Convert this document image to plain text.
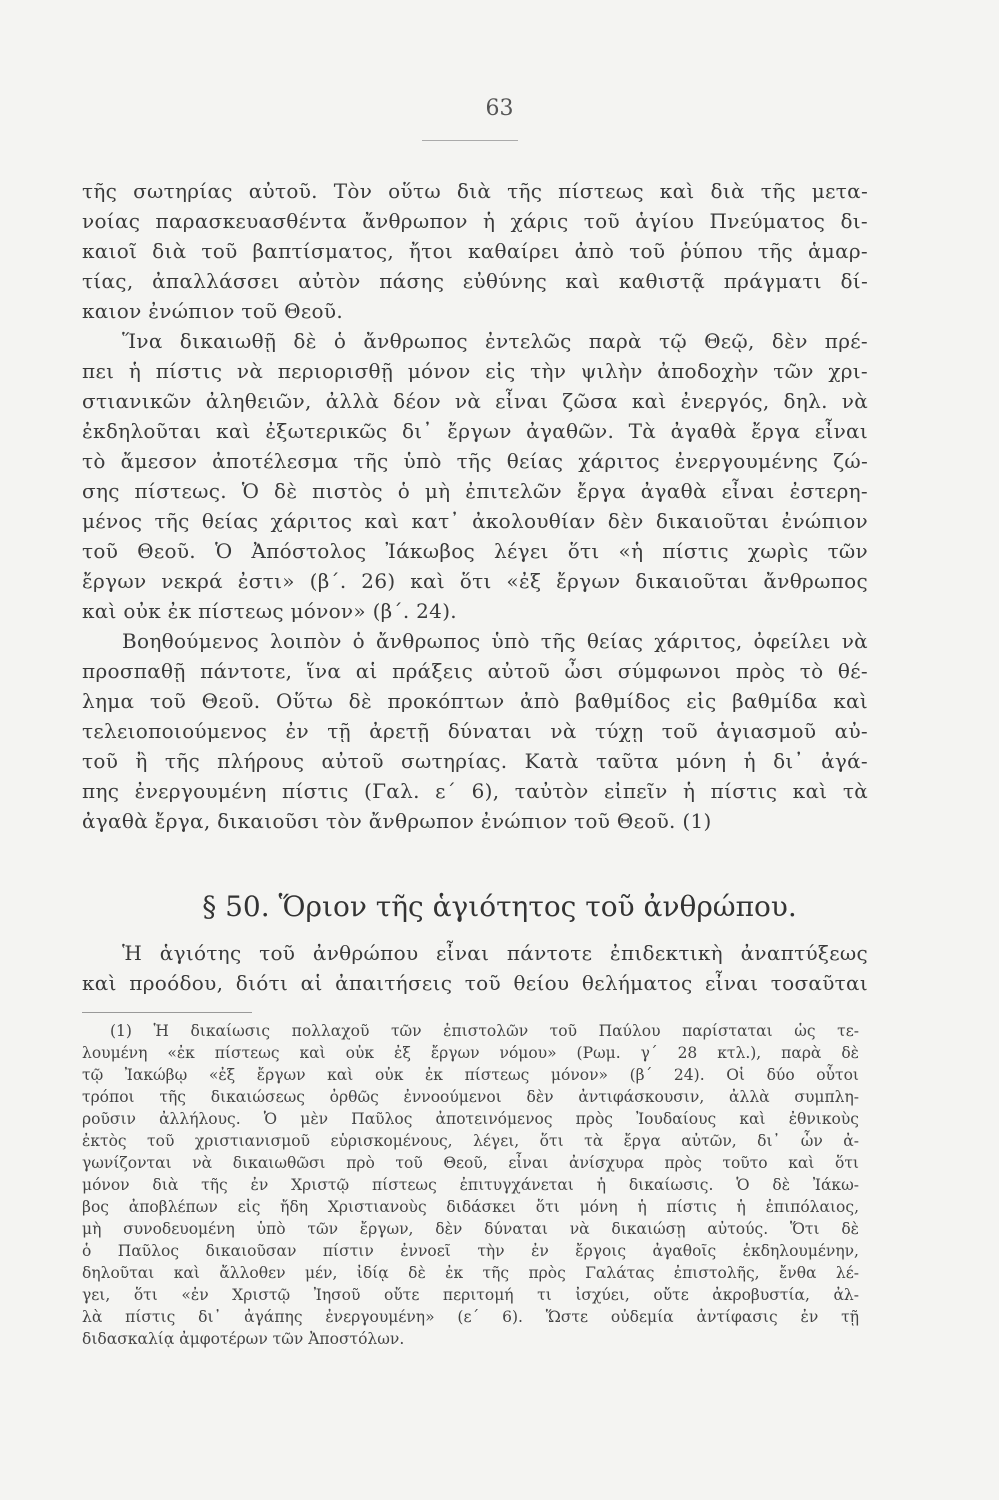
63
τῆς σωτηρίας αὐτοῦ. Τὸν οὕτω διὰ τῆς πίστεως καὶ διὰ τῆς μετα-
νοίας παρασκευασθέντα ἄνθρωπον ἡ χάρις τοῦ ἁγίου Πνεύματος δι-
καιοῖ διὰ τοῦ βαπτίσματος, ἤτοι καθαίρει ἀπὸ τοῦ ῥύπου τῆς ἁμαρ-
τίας, ἀπαλλάσσει αὐτὸν πάσης εὐθύνης καὶ καθιστᾷ πράγματι δί-
καιον ἐνώπιον τοῦ Θεοῦ.
Ἵνα δικαιωθῇ δὲ ὁ ἄνθρωπος ἐντελῶς παρὰ τῷ Θεῷ, δὲν πρέ-
πει ἡ πίστις νὰ περιορισθῇ μόνον εἰς τὴν ψιλὴν ἀποδοχὴν τῶν χρι-
στιανικῶν ἀληθειῶν, ἀλλὰ δέον νὰ εἶναι ζῶσα καὶ ἐνεργός, δηλ. νὰ
ἐκδηλοῦται καὶ ἐξωτερικῶς δι᾽ ἔργων ἀγαθῶν. Τὰ ἀγαθὰ ἔργα εἶναι
τὸ ἄμεσον ἀποτέλεσμα τῆς ὑπὸ τῆς θείας χάριτος ἐνεργουμένης ζώ-
σης πίστεως. Ὁ δὲ πιστὸς ὁ μὴ ἐπιτελῶν ἔργα ἀγαθὰ εἶναι ἐστερη-
μένος τῆς θείας χάριτος καὶ κατ᾽ ἀκολουθίαν δὲν δικαιοῦται ἐνώπιον
τοῦ Θεοῦ. Ὁ Ἀπόστολος Ἰάκωβος λέγει ὅτι «ἡ πίστις χωρὶς τῶν
ἔργων νεκρά ἐστι» (β΄. 26) καὶ ὅτι «ἐξ ἔργων δικαιοῦται ἄνθρωπος
καὶ οὐκ ἐκ πίστεως μόνον» (β΄. 24).
Βοηθούμενος λοιπὸν ὁ ἄνθρωπος ὑπὸ τῆς θείας χάριτος, ὀφείλει νὰ
προσπαθῇ πάντοτε, ἵνα αἱ πράξεις αὐτοῦ ὦσι σύμφωνοι πρὸς τὸ θέ-
λημα τοῦ Θεοῦ. Οὕτω δὲ προκόπτων ἀπὸ βαθμίδος εἰς βαθμίδα καὶ
τελειοποιούμενος ἐν τῇ ἀρετῇ δύναται νὰ τύχῃ τοῦ ἁγιασμοῦ αὐ-
τοῦ ἢ τῆς πλήρους αὐτοῦ σωτηρίας. Κατὰ ταῦτα μόνη ἡ δι᾽ ἀγά-
πης ἐνεργουμένη πίστις (Γαλ. ε΄ 6), ταὐτὸν εἰπεῖν ἡ πίστις καὶ τὰ
ἀγαθὰ ἔργα, δικαιοῦσι τὸν ἄνθρωπον ἐνώπιον τοῦ Θεοῦ. (1)
§ 50. Ὅριον τῆς ἁγιότητος τοῦ ἀνθρώπου.
Ἡ ἁγιότης τοῦ ἀνθρώπου εἶναι πάντοτε ἐπιδεκτικὴ ἀναπτύξεως
καὶ προόδου, διότι αἱ ἀπαιτήσεις τοῦ θείου θελήματος εἶναι τοσαῦται
(1) Ἡ δικαίωσις πολλαχοῦ τῶν ἐπιστολῶν τοῦ Παύλου παρίσταται ὡς τε-
λουμένη «ἐκ πίστεως καὶ οὐκ ἐξ ἔργων νόμου» (Ρωμ. γ΄ 28 κτλ.), παρὰ δὲ
τῷ Ἰακώβῳ «ἐξ ἔργων καὶ οὐκ ἐκ πίστεως μόνον» (β΄ 24). Οἱ δύο οὗτοι
τρόποι τῆς δικαιώσεως ὀρθῶς ἐννοούμενοι δὲν ἀντιφάσκουσιν, ἀλλὰ συμπλη-
ροῦσιν ἀλλήλους. Ὁ μὲν Παῦλος ἀποτεινόμενος πρὸς Ἰουδαίους καὶ ἐθνικοὺς
ἐκτὸς τοῦ χριστιανισμοῦ εὑρισκομένους, λέγει, ὅτι τὰ ἔργα αὐτῶν, δι᾽ ὧν ἀ-
γωνίζονται νὰ δικαιωθῶσι πρὸ τοῦ Θεοῦ, εἶναι ἀνίσχυρα πρὸς τοῦτο καὶ ὅτι
μόνον διὰ τῆς ἐν Χριστῷ πίστεως ἐπιτυγχάνεται ἡ δικαίωσις. Ὁ δὲ Ἰάκω-
βος ἀποβλέπων εἰς ἤδη Χριστιανοὺς διδάσκει ὅτι μόνη ἡ πίστις ἡ ἐπιπόλαιος,
μὴ συνοδευομένη ὑπὸ τῶν ἔργων, δὲν δύναται νὰ δικαιώσῃ αὐτούς. Ὅτι δὲ
ὁ Παῦλος δικαιοῦσαν πίστιν ἐννοεῖ τὴν ἐν ἔργοις ἀγαθοῖς ἐκδηλουμένην,
δηλοῦται καὶ ἄλλοθεν μέν, ἰδίᾳ δὲ ἐκ τῆς πρὸς Γαλάτας ἐπιστολῆς, ἔνθα λέ-
γει, ὅτι «ἐν Χριστῷ Ἰησοῦ οὔτε περιτομή τι ἰσχύει, οὔτε ἀκροβυστία, ἀλ-
λὰ πίστις δι᾽ ἀγάπης ἐνεργουμένη» (ε΄ 6). Ὥστε οὐδεμία ἀντίφασις ἐν τῇ
διδασκαλίᾳ ἀμφοτέρων τῶν Ἀποστόλων.
